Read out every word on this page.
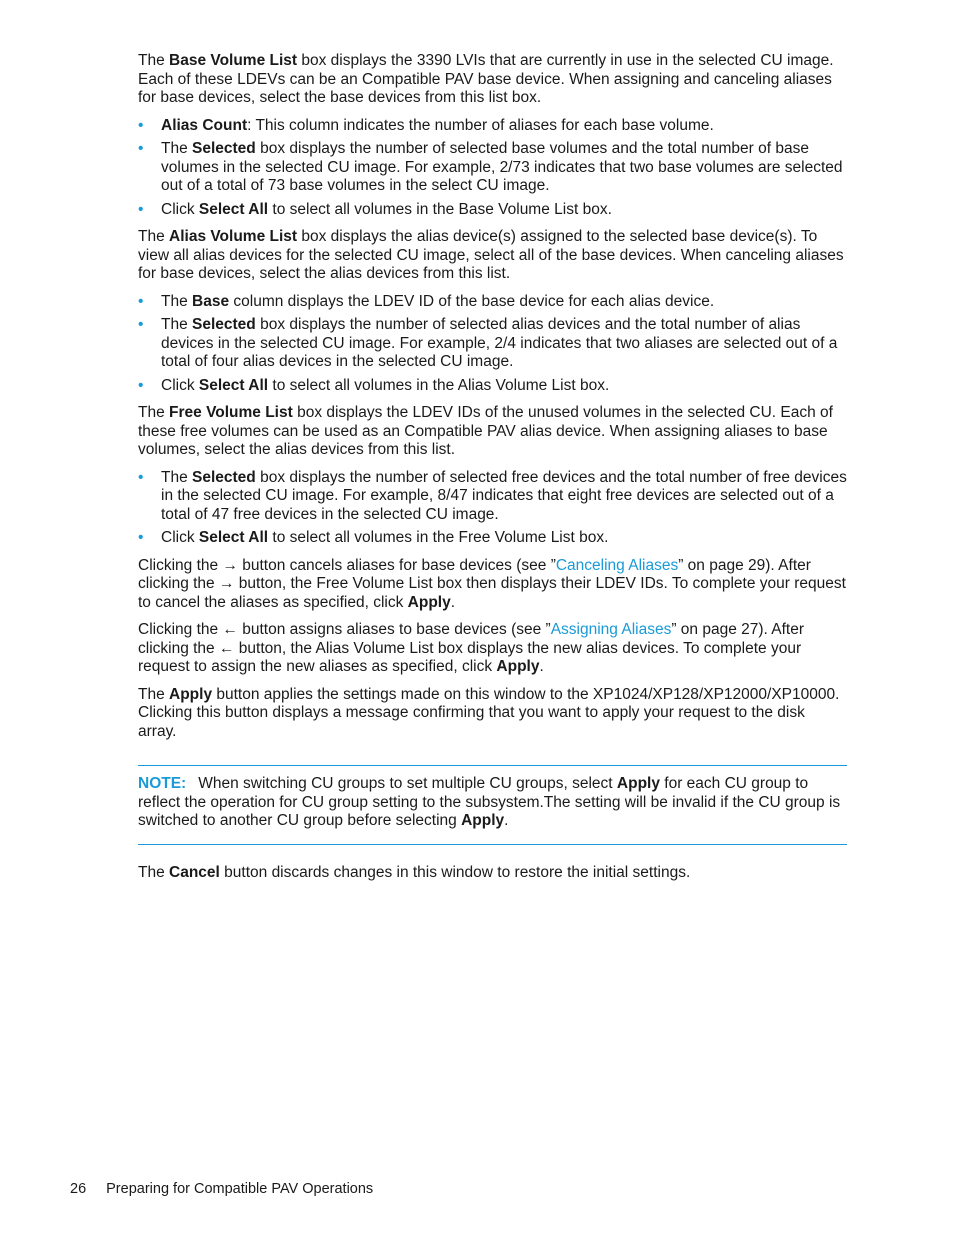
The Base Volume List box displays the 3390 LVIs that are currently in use in the selected CU image. Each of these LDEVs can be an Compatible PAV base device. When assigning and canceling aliases for base devices, select the base devices from this list box.

• Alias Count: This column indicates the number of aliases for each base volume.
• The Selected box displays the number of selected base volumes and the total number of base volumes in the selected CU image. For example, 2/73 indicates that two base volumes are selected out of a total of 73 base volumes in the select CU image.
• Click Select All to select all volumes in the Base Volume List box.

The Alias Volume List box displays the alias device(s) assigned to the selected base device(s). To view all alias devices for the selected CU image, select all of the base devices. When canceling aliases for base devices, select the alias devices from this list.

• The Base column displays the LDEV ID of the base device for each alias device.
• The Selected box displays the number of selected alias devices and the total number of alias devices in the selected CU image. For example, 2/4 indicates that two aliases are selected out of a total of four alias devices in the selected CU image.
• Click Select All to select all volumes in the Alias Volume List box.

The Free Volume List box displays the LDEV IDs of the unused volumes in the selected CU. Each of these free volumes can be used as an Compatible PAV alias device. When assigning aliases to base volumes, select the alias devices from this list.

• The Selected box displays the number of selected free devices and the total number of free devices in the selected CU image. For example, 8/47 indicates that eight free devices are selected out of a total of 47 free devices in the selected CU image.
• Click Select All to select all volumes in the Free Volume List box.

Clicking the → button cancels aliases for base devices (see ”Canceling Aliases” on page 29). After clicking the → button, the Free Volume List box then displays their LDEV IDs. To complete your request to cancel the aliases as specified, click Apply.

Clicking the ← button assigns aliases to base devices (see ”Assigning Aliases” on page 27). After clicking the ← button, the Alias Volume List box displays the new alias devices. To complete your request to assign the new aliases as specified, click Apply.

The Apply button applies the settings made on this window to the XP1024/XP128/XP12000/XP10000. Clicking this button displays a message confirming that you want to apply your request to the disk array.

NOTE: When switching CU groups to set multiple CU groups, select Apply for each CU group to reflect the operation for CU group setting to the subsystem.The setting will be invalid if the CU group is switched to another CU group before selecting Apply.

The Cancel button discards changes in this window to restore the initial settings.

26 Preparing for Compatible PAV Operations
